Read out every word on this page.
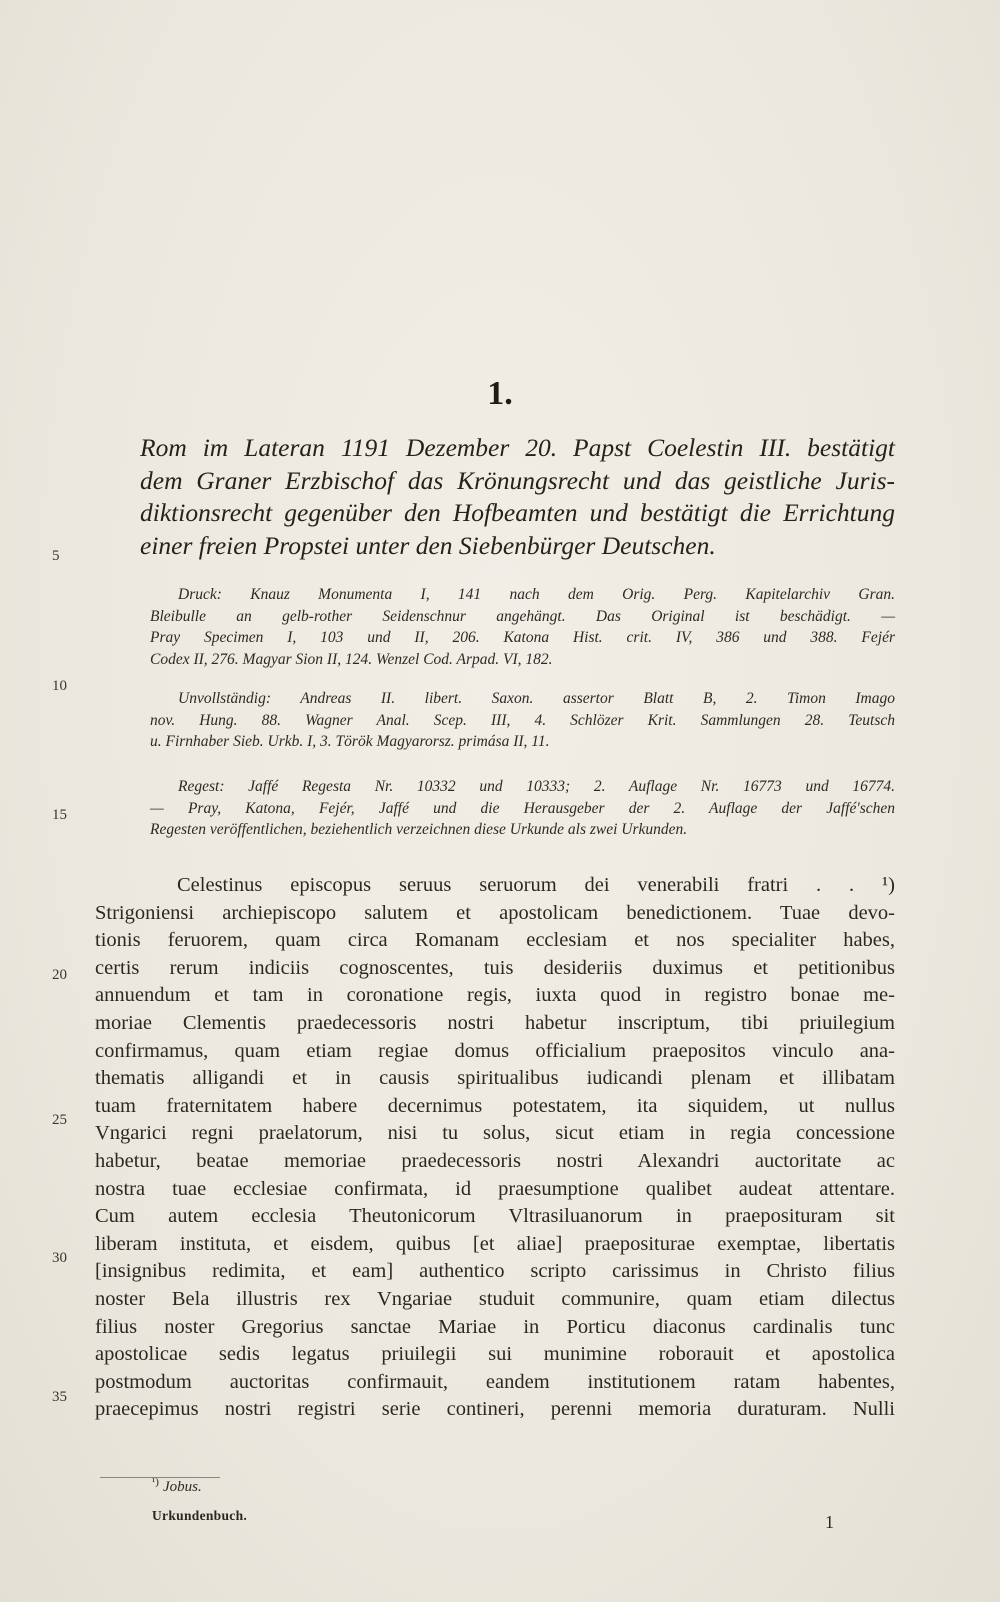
1.
Rom im Lateran 1191 Dezember 20. Papst Coelestin III. bestätigt
dem Graner Erzbischof das Krönungsrecht und das geistliche Juris-
diktionsrecht gegenüber den Hofbeamten und bestätigt die Errichtung
einer freien Propstei unter den Siebenbürger Deutschen.
Druck: Knauz Monumenta I, 141 nach dem Orig. Perg. Kapitelarchiv Gran.
Bleibulle an gelb-rother Seidenschnur angehängt. Das Original ist beschädigt. —
Pray Specimen I, 103 und II, 206. Katona Hist. crit. IV, 386 und 388. Fejér
Codex II, 276. Magyar Sion II, 124. Wenzel Cod. Arpad. VI, 182.
Unvollständig: Andreas II. libert. Saxon. assertor Blatt B, 2. Timon Imago
nov. Hung. 88. Wagner Anal. Scep. III, 4. Schlözer Krit. Sammlungen 28. Teutsch
u. Firnhaber Sieb. Urkb. I, 3. Török Magyarorsz. primása II, 11.
Regest: Jaffé Regesta Nr. 10332 und 10333; 2. Auflage Nr. 16773 und 16774.
— Pray, Katona, Fejér, Jaffé und die Herausgeber der 2. Auflage der Jaffé'schen
Regesten veröffentlichen, beziehentlich verzeichnen diese Urkunde als zwei Urkunden.
Celestinus episcopus seruus seruorum dei venerabili fratri . . ¹)
Strigoniensi archiepiscopo salutem et apostolicam benedictionem. Tuae devo-
tionis feruorem, quam circa Romanam ecclesiam et nos specialiter habes,
certis rerum indiciis cognoscentes, tuis desideriis duximus et petitionibus
annuendum et tam in coronatione regis, iuxta quod in registro bonae me-
moriae Clementis praedecessoris nostri habetur inscriptum, tibi priuilegium
confirmamus, quam etiam regiae domus officialium praepositos vinculo ana-
thematis alligandi et in causis spiritualibus iudicandi plenam et illibatam
tuam fraternitatem habere decernimus potestatem, ita siquidem, ut nullus
Vngarici regni praelatorum, nisi tu solus, sicut etiam in regia concessione
habetur, beatae memoriae praedecessoris nostri Alexandri auctoritate ac
nostra tuae ecclesiae confirmata, id praesumptione qualibet audeat attentare.
Cum autem ecclesia Theutonicorum Vltrasiluanorum in praeposituram sit
liberam instituta, et eisdem, quibus [et aliae] praepositurae exemptae, libertatis
[insignibus redimita, et eam] authentico scripto carissimus in Christo filius
noster Bela illustris rex Vngariae studuit communire, quam etiam dilectus
filius noster Gregorius sanctae Mariae in Porticu diaconus cardinalis tunc
apostolicae sedis legatus priuilegii sui munimine roborauit et apostolica
postmodum auctoritas confirmauit, eandem institutionem ratam habentes,
praecepimus nostri registri serie contineri, perenni memoria duraturam. Nulli
5
10
15
20
25
30
35
$^{^1)}$ Jobus.
Urkundenbuch.	1
